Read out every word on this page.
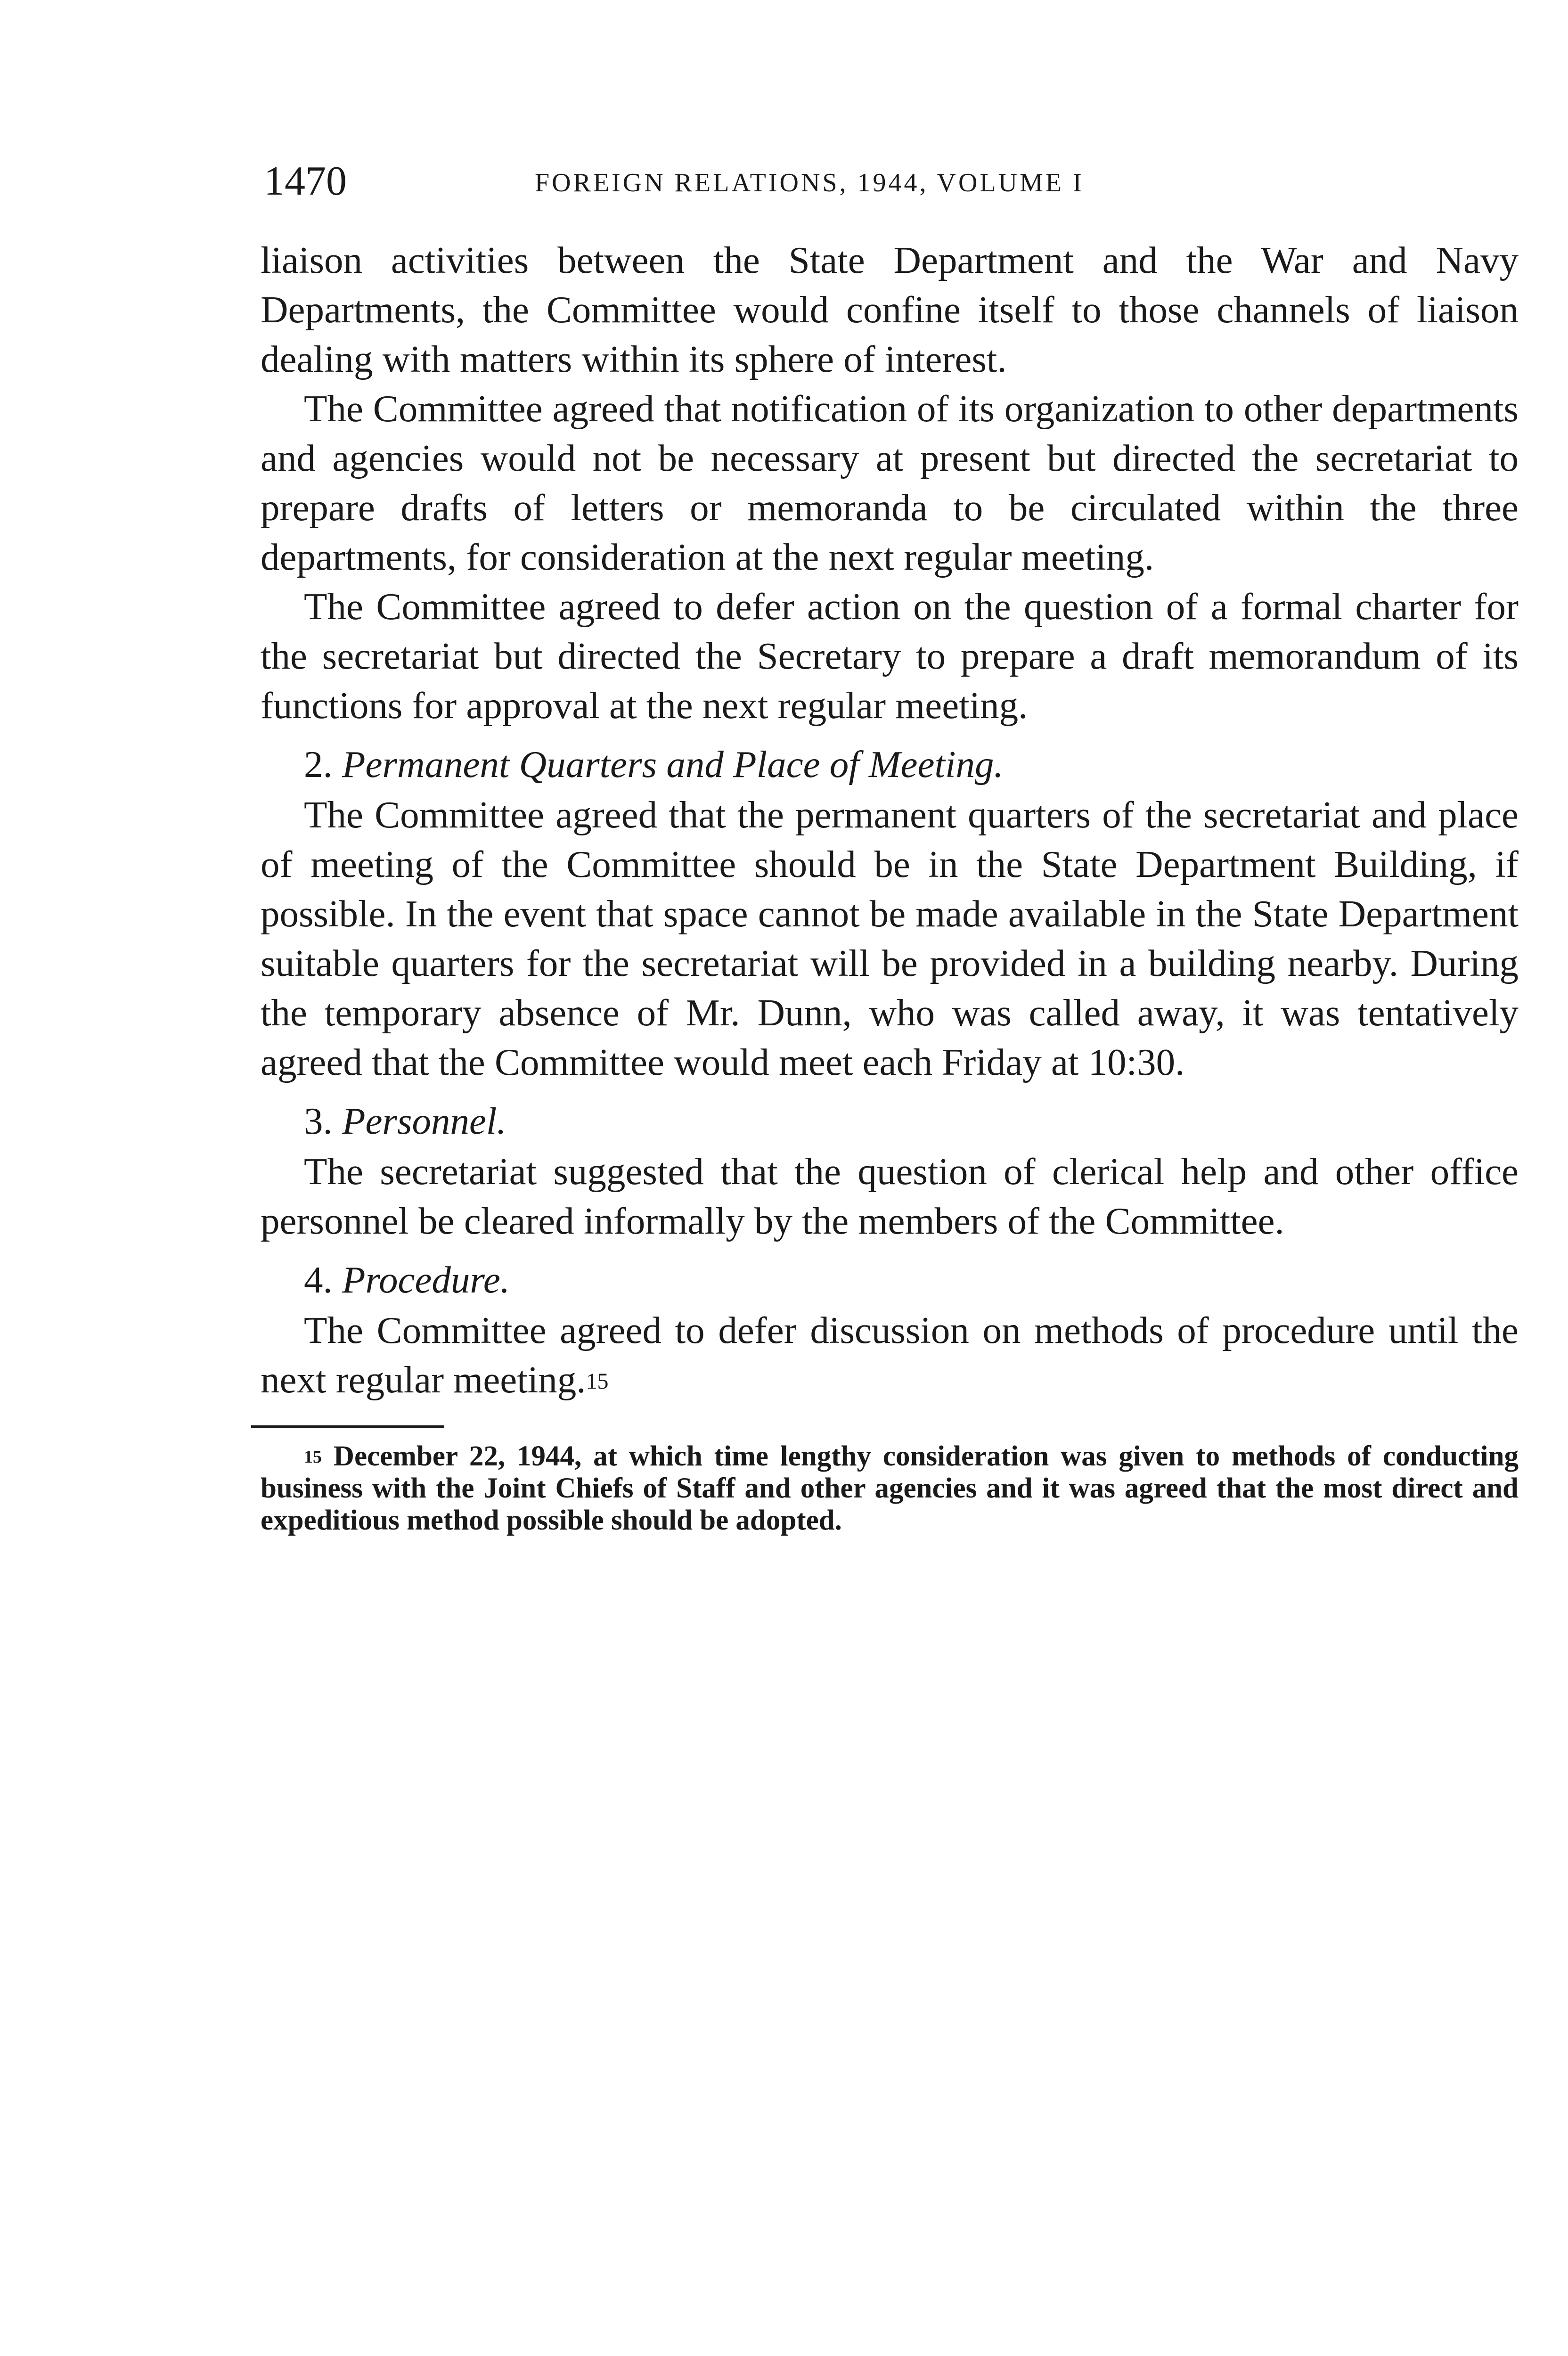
1470	FOREIGN RELATIONS, 1944, VOLUME I

liaison activities between the State Department and the War and Navy Departments, the Committee would confine itself to those channels of liaison dealing with matters within its sphere of interest.

The Committee agreed that notification of its organization to other departments and agencies would not be necessary at present but directed the secretariat to prepare drafts of letters or memoranda to be circulated within the three departments, for consideration at the next regular meeting.

The Committee agreed to defer action on the question of a formal charter for the secretariat but directed the Secretary to prepare a draft memorandum of its functions for approval at the next regular meeting.

2. Permanent Quarters and Place of Meeting.

The Committee agreed that the permanent quarters of the secretariat and place of meeting of the Committee should be in the State Department Building, if possible. In the event that space cannot be made available in the State Department suitable quarters for the secretariat will be provided in a building nearby. During the temporary absence of Mr. Dunn, who was called away, it was tentatively agreed that the Committee would meet each Friday at 10:30.

3. Personnel.

The secretariat suggested that the question of clerical help and other office personnel be cleared informally by the members of the Committee.

4. Procedure.

The Committee agreed to defer discussion on methods of procedure until the next regular meeting.$^{15}$

$^{15}$ December 22, 1944, at which time lengthy consideration was given to methods of conducting business with the Joint Chiefs of Staff and other agencies and it was agreed that the most direct and expeditious method possible should be adopted.
